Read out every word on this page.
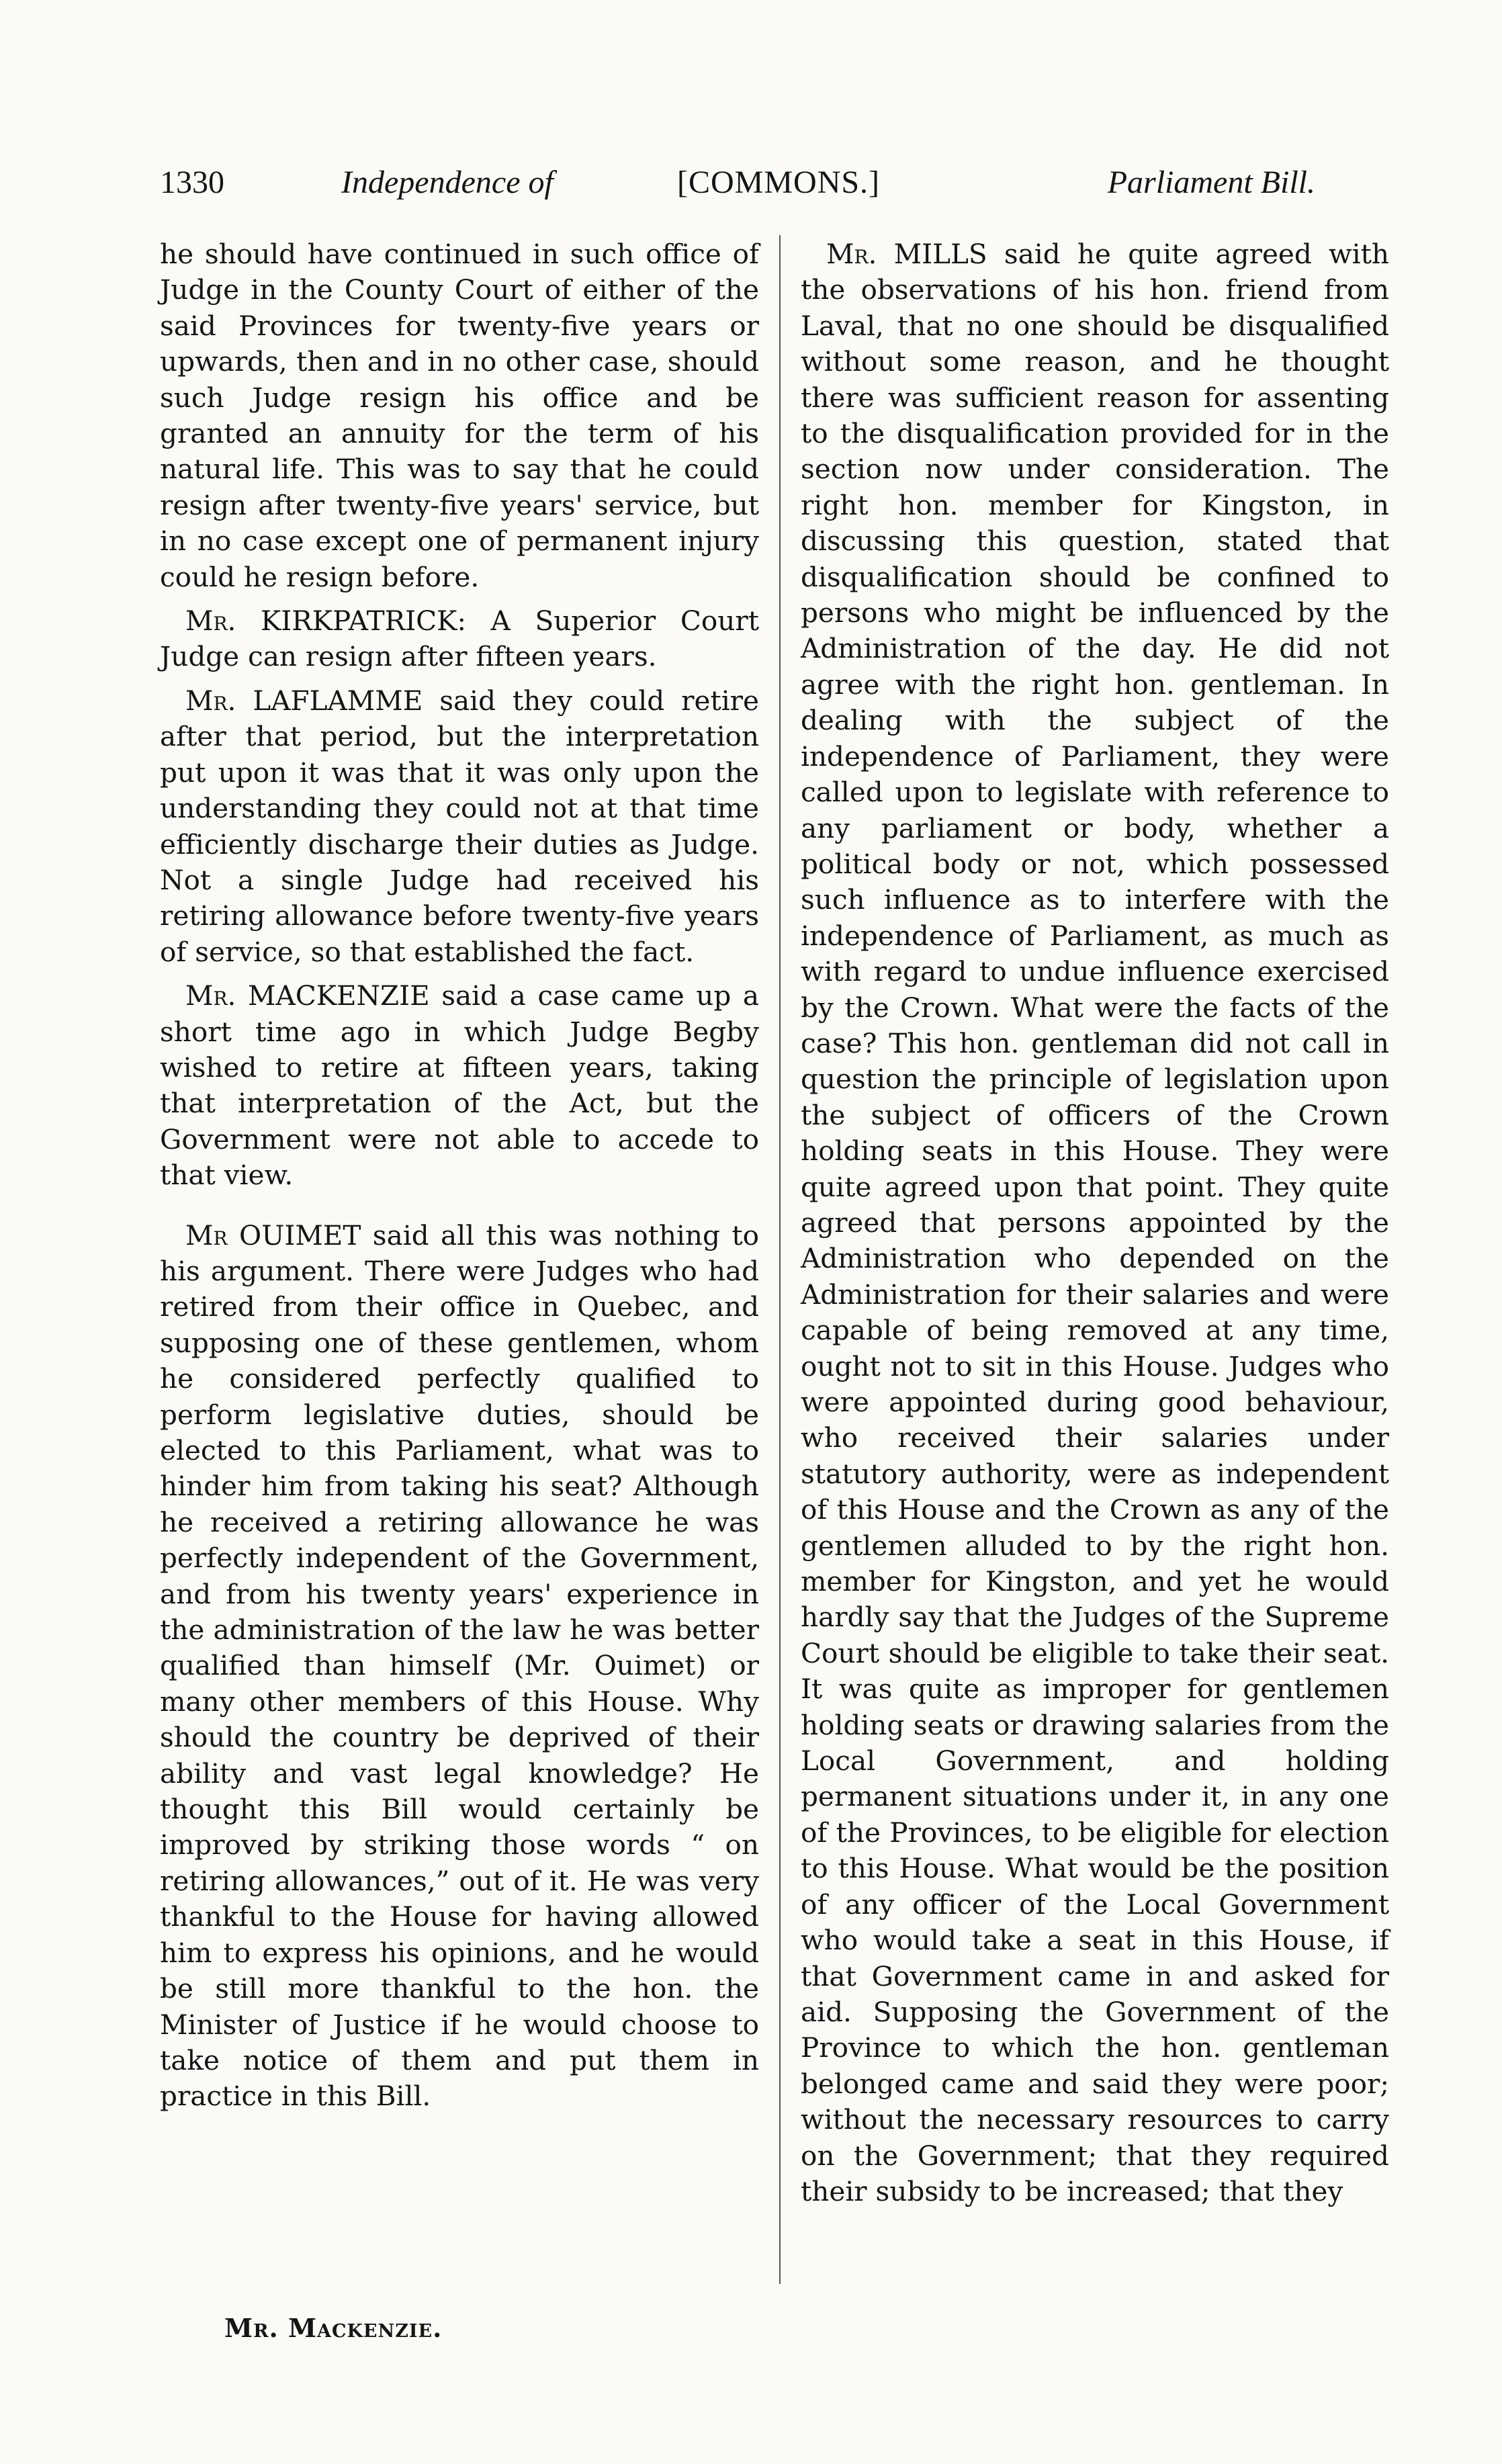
1330	Independence of	[COMMONS.]	Parliament Bill.

he should have continued in such office of Judge in the County Court of either of the said Provinces for twenty-five years or upwards, then and in no other case, should such Judge resign his office and be granted an annuity for the term of his natural life. This was to say that he could resign after twenty-five years' service, but in no case except one of permanent injury could he resign before.

Mr. KIRKPATRICK: A Superior Court Judge can resign after fifteen years.

Mr. LAFLAMME said they could retire after that period, but the interpretation put upon it was that it was only upon the understanding they could not at that time efficiently discharge their duties as Judge. Not a single Judge had received his retiring allowance before twenty-five years of service, so that established the fact.

Mr. MACKENZIE said a case came up a short time ago in which Judge Begby wished to retire at fifteen years, taking that interpretation of the Act, but the Government were not able to accede to that view.

Mr OUIMET said all this was nothing to his argument. There were Judges who had retired from their office in Quebec, and supposing one of these gentlemen, whom he considered perfectly qualified to perform legislative duties, should be elected to this Parliament, what was to hinder him from taking his seat? Although he received a retiring allowance he was perfectly independent of the Government, and from his twenty years' experience in the administration of the law he was better qualified than himself (Mr. Ouimet) or many other members of this House. Why should the country be deprived of their ability and vast legal knowledge? He thought this Bill would certainly be improved by striking those words “ on retiring allowances,” out of it. He was very thankful to the House for having allowed him to express his opinions, and he would be still more thankful to the hon. the Minister of Justice if he would choose to take notice of them and put them in practice in this Bill.

Mr. MILLS said he quite agreed with the observations of his hon. friend from Laval, that no one should be disqualified without some reason, and he thought there was sufficient reason for assenting to the disqualification provided for in the section now under consideration. The right hon. member for Kingston, in discussing this question, stated that disqualification should be confined to persons who might be influenced by the Administration of the day. He did not agree with the right hon. gentleman. In dealing with the subject of the independence of Parliament, they were called upon to legislate with reference to any parliament or body, whether a political body or not, which possessed such influence as to interfere with the independence of Parliament, as much as with regard to undue influence exercised by the Crown. What were the facts of the case? This hon. gentleman did not call in question the principle of legislation upon the subject of officers of the Crown holding seats in this House. They were quite agreed upon that point. They quite agreed that persons appointed by the Administration who depended on the Administration for their salaries and were capable of being removed at any time, ought not to sit in this House. Judges who were appointed during good behaviour, who received their salaries under statutory authority, were as independent of this House and the Crown as any of the gentlemen alluded to by the right hon. member for Kingston, and yet he would hardly say that the Judges of the Supreme Court should be eligible to take their seat. It was quite as improper for gentlemen holding seats or drawing salaries from the Local Government, and holding permanent situations under it, in any one of the Provinces, to be eligible for election to this House. What would be the position of any officer of the Local Government who would take a seat in this House, if that Government came in and asked for aid. Supposing the Government of the Province to which the hon. gentleman belonged came and said they were poor; without the necessary resources to carry on the Government; that they required their subsidy to be increased; that they

Mr. Mackenzie.
